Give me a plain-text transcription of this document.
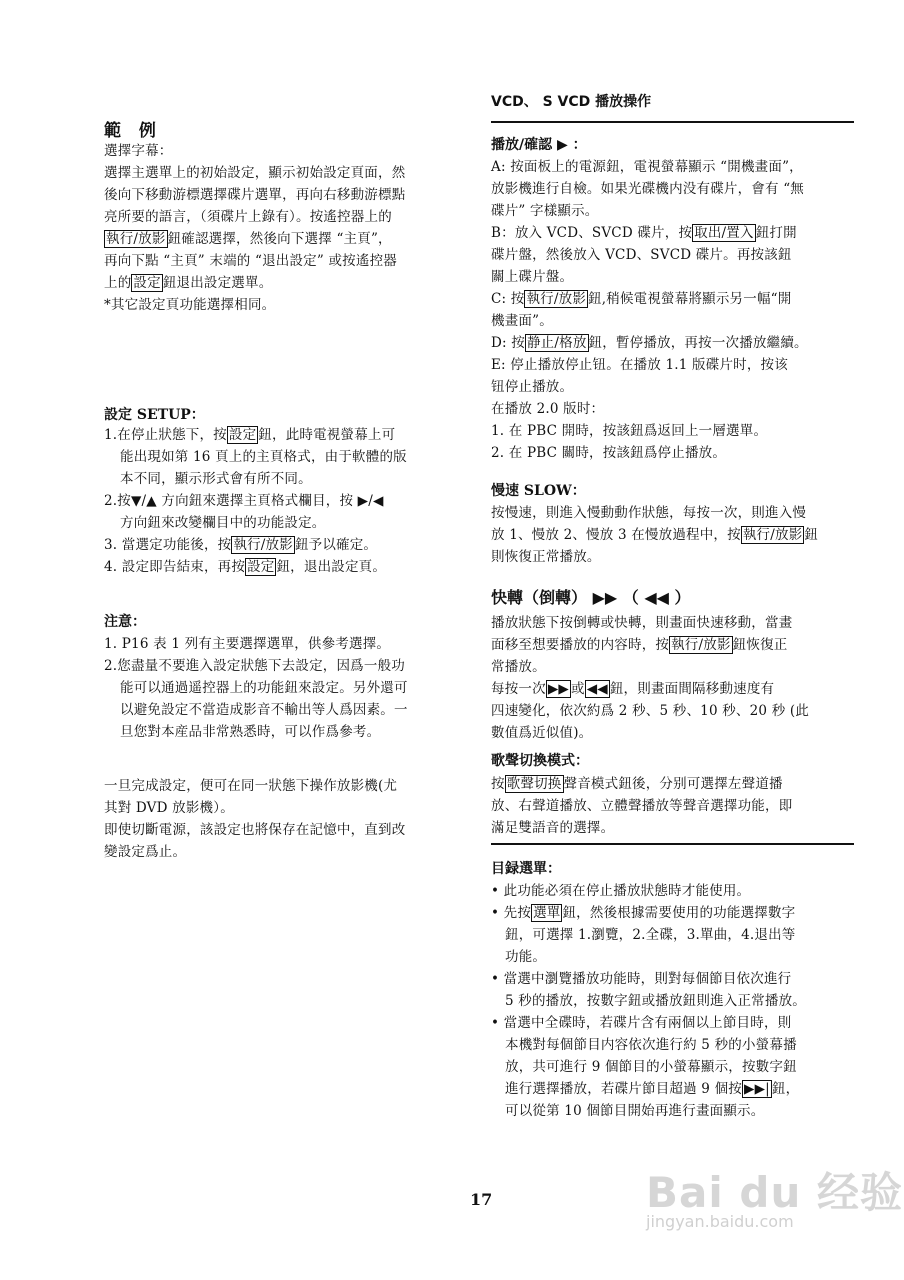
VCD、 S VCD 播放操作
範 例
選擇字幕：
選擇主選單上的初始設定，顯示初始設定頁面，然
後向下移動游標選擇碟片選單，再向右移動游標點
亮所要的語言，（須碟片上錄有）。按遙控器上的
執行/放影 鈕確認選擇，然後向下選擇 “主頁”，
再向下點 “主頁” 末端的 “退出設定” 或按遙控器
上的 設定 鈕退出設定選單。
*其它設定頁功能選擇相同。
設定 SETUP：
1.在停止狀態下，按 設定 鈕，此時電視螢幕上可
能出現如第 16 頁上的主頁格式，由于軟體的版
本不同，顯示形式會有所不同。
2.按▼/▲ 方向鈕來選擇主頁格式欄目，按 ▶/◀
方向鈕來改變欄目中的功能設定。
3. 當選定功能後，按 執行/放影 鈕予以確定。
4. 設定即告結束，再按 設定 鈕，退出設定頁。
注意：
1. P16 表 1 列有主要選擇選單，供參考選擇。
2.您盡量不要進入設定狀態下去設定，因爲一般功
能可以通過遥控器上的功能鈕來設定。另外還可
以避免設定不當造成影音不輸出等人爲因素。一
旦您對本産品非常熟悉時，可以作爲參考。
一旦完成設定，便可在同一狀態下操作放影機(尤
其對 DVD 放影機）。
即使切斷電源，該設定也將保存在記憶中，直到改
變設定爲止。
播放/確認 ▶ ：
A: 按面板上的電源鈕，電視螢幕顯示 “開機畫面”，
放影機進行自檢。如果光碟機内没有碟片，會有 “無
碟片” 字樣顯示。
B：放入 VCD、SVCD 碟片，按 取出/置入 鈕打開
碟片盤，然後放入 VCD、SVCD 碟片。再按該鈕
關上碟片盤。
C: 按 執行/放影 鈕,稍候電視螢幕將顯示另一幅“開
機畫面”。
D: 按 静止/格放 鈕，暫停播放，再按一次播放繼續。
E: 停止播放停止钮。在播放 1.1 版碟片时，按该
钮停止播放。
在播放 2.0 版时：
1. 在 PBC 開時，按該鈕爲返回上一層選單。
2. 在 PBC 關時，按該鈕爲停止播放。
慢速 SLOW：
按慢速，則進入慢動動作狀態，每按一次，則進入慢
放 1、慢放 2、慢放 3 在慢放過程中，按 執行/放影 鈕
則恢復正常播放。
快轉（倒轉） ▶▶ （ ◀◀ ）
播放狀態下按倒轉或快轉，則畫面快速移動，當畫
面移至想要播放的内容時，按 執行/放影 鈕恢復正
常播放。
每按一次 ▶▶ 或 ◀◀ 鈕，則畫面間隔移動速度有
四速變化，依次約爲 2 秒、5 秒、10 秒、20 秒 (此
數值爲近似值)。
歌聲切換模式：
按 歌聲切换 聲音模式鈕後，分别可選擇左聲道播
放、右聲道播放、立體聲播放等聲音選擇功能，即
滿足雙語音的選擇。
目録選單：
• 此功能必須在停止播放狀態時才能使用。
• 先按 選單 鈕，然後根據需要使用的功能選擇數字
鈕，可選擇 1.瀏覽，2.全碟，3.單曲，4.退出等
功能。
• 當選中瀏覽播放功能時，則對每個節目依次進行
5 秒的播放，按數字鈕或播放鈕則進入正常播放。
• 當選中全碟時，若碟片含有兩個以上節目時，則
本機對每個節目内容依次進行約 5 秒的小螢幕播
放，共可進行 9 個節目的小螢幕顯示，按數字鈕
進行選擇播放，若碟片節目超過 9 個按 ▶▶| 鈕，
可以從第 10 個節目開始再進行畫面顯示。
17	Bai du 经验
jingyan.baidu.com
